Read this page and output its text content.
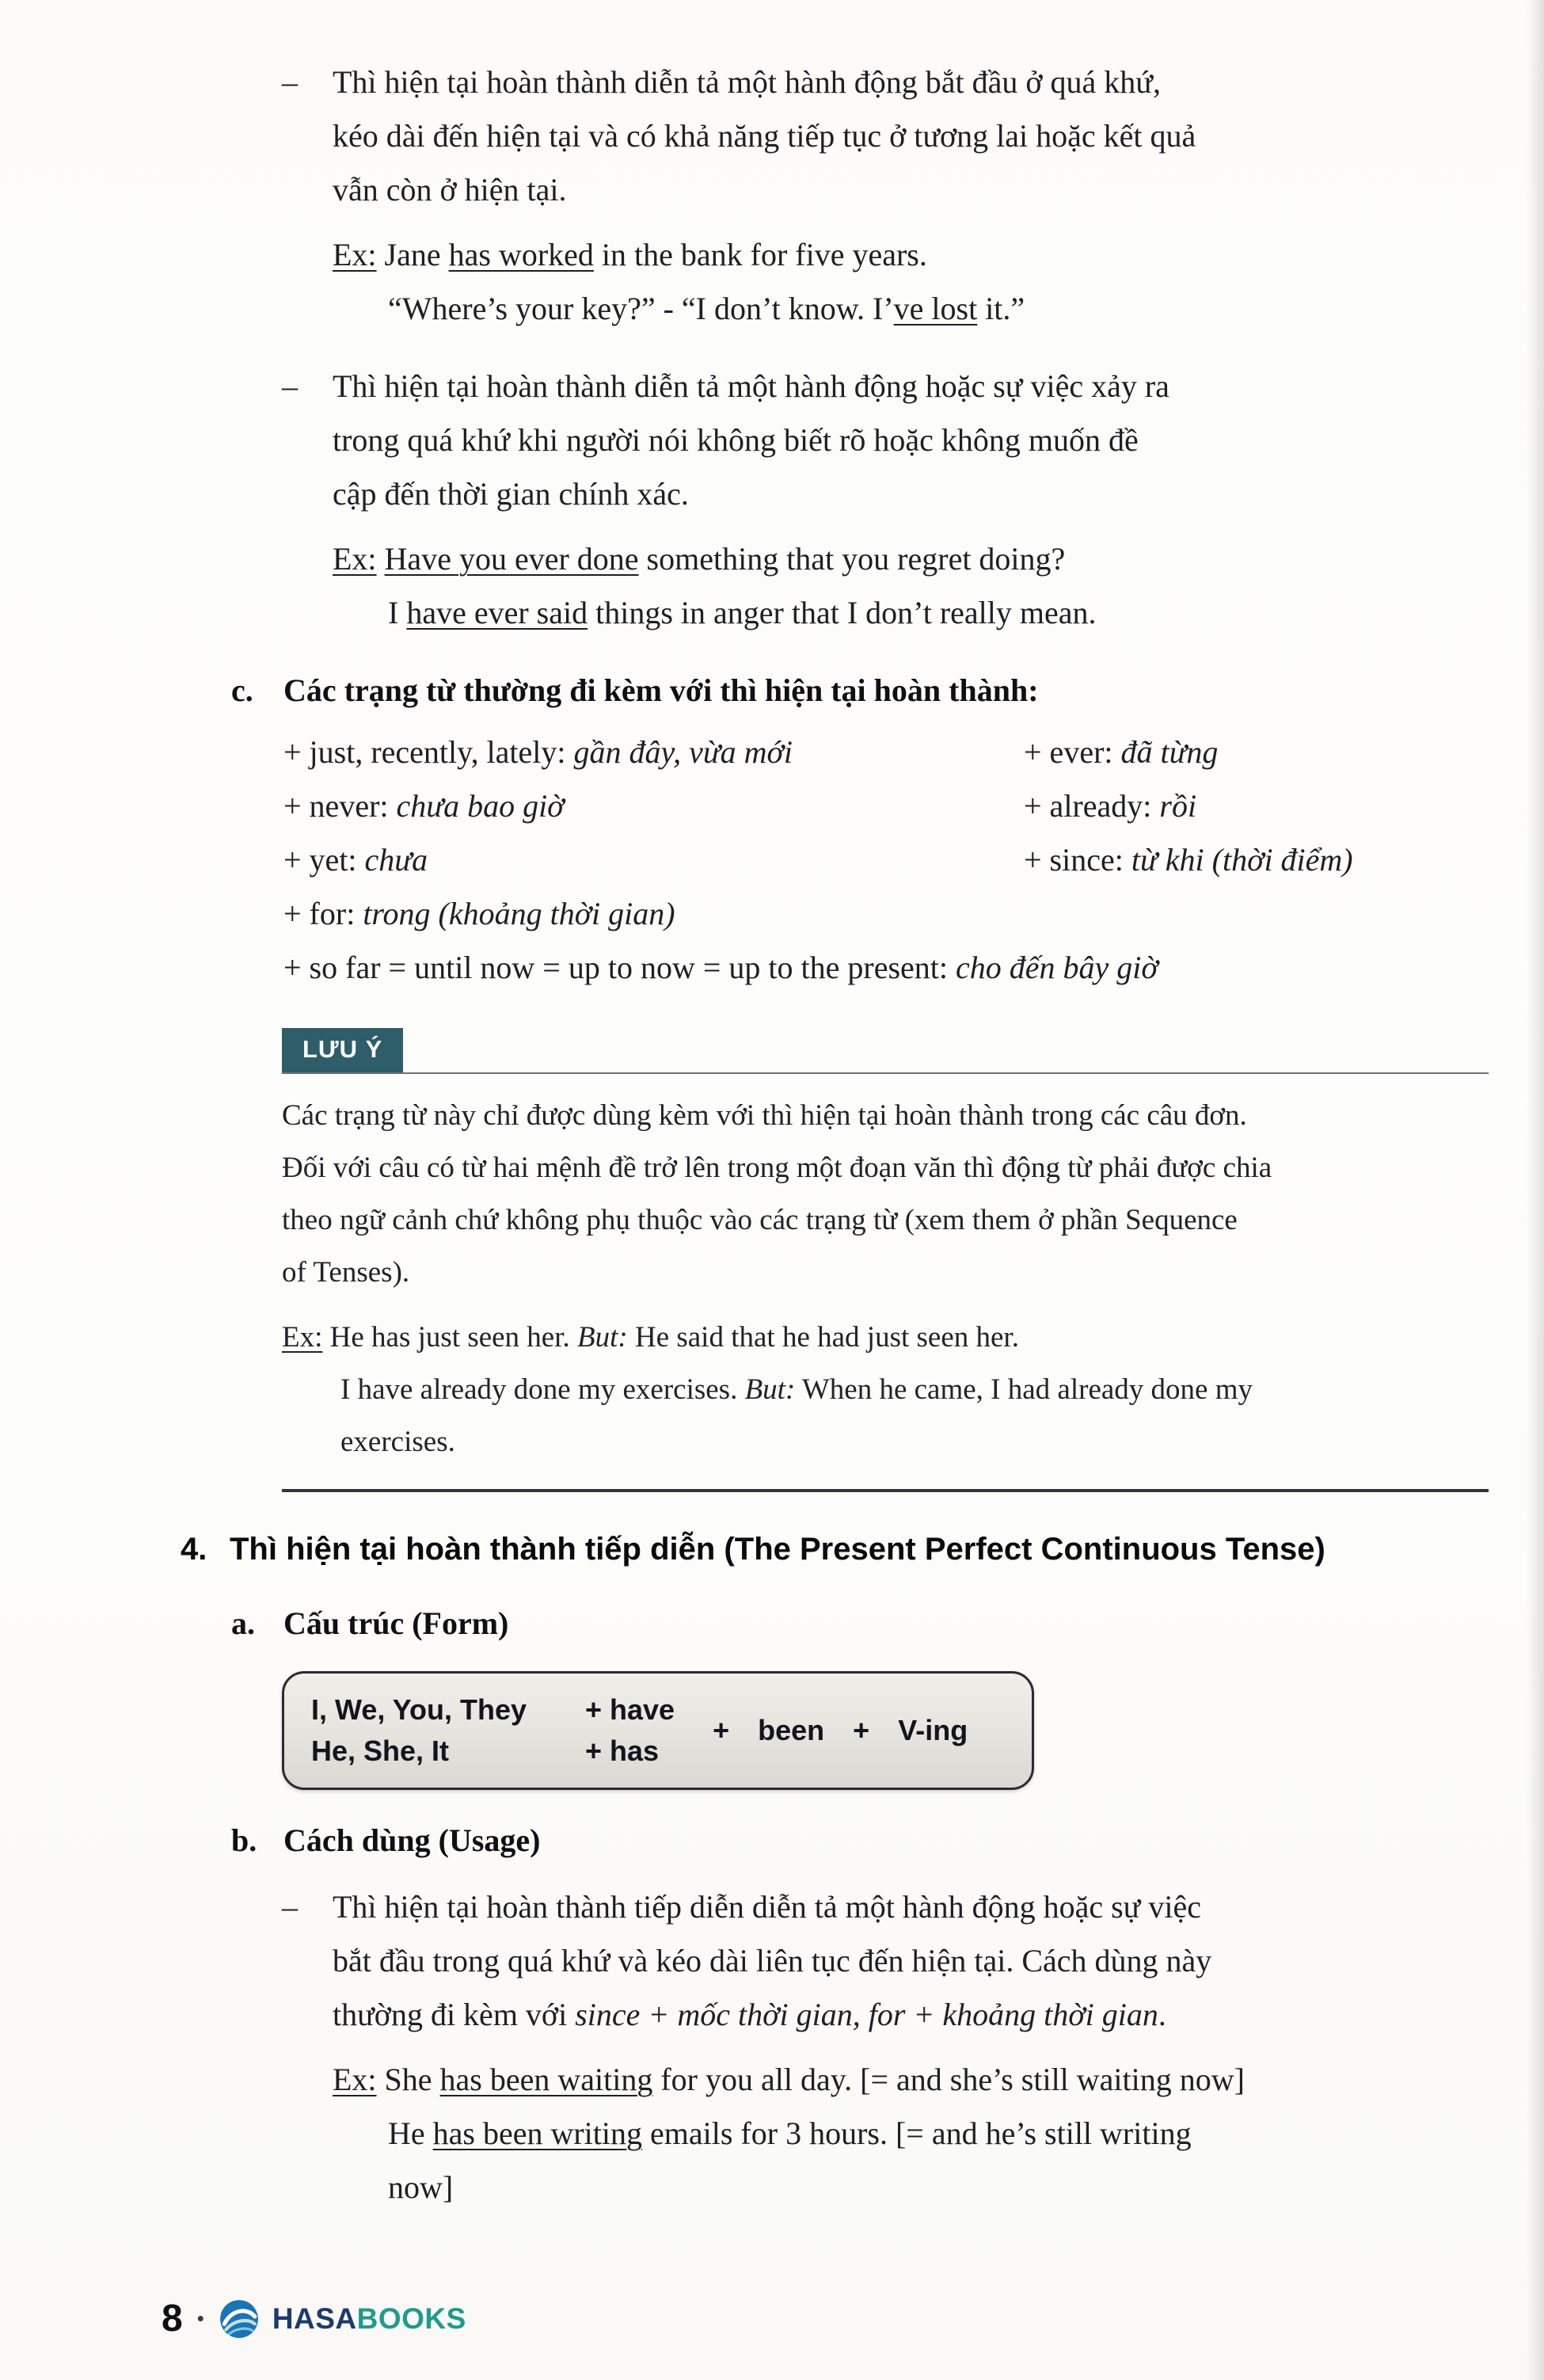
–	Thì hiện tại hoàn thành diễn tả một hành động bắt đầu ở quá khứ,
kéo dài đến hiện tại và có khả năng tiếp tục ở tương lai hoặc kết quả
vẫn còn ở hiện tại.
Ex: Jane has worked in the bank for five years.
“Where’s your key?” - “I don’t know. I’ve lost it.”
–	Thì hiện tại hoàn thành diễn tả một hành động hoặc sự việc xảy ra
trong quá khứ khi người nói không biết rõ hoặc không muốn đề
cập đến thời gian chính xác.
Ex: Have you ever done something that you regret doing?
I have ever said things in anger that I don’t really mean.
c. Các trạng từ thường đi kèm với thì hiện tại hoàn thành:
+ just, recently, lately: gần đây, vừa mới	+ ever: đã từng
+ never: chưa bao giờ	+ already: rồi
+ yet: chưa	+ since: từ khi (thời điểm)
+ for: trong (khoảng thời gian)
+ so far = until now = up to now = up to the present: cho đến bây giờ
LƯU Ý
Các trạng từ này chỉ được dùng kèm với thì hiện tại hoàn thành trong các câu đơn.
Đối với câu có từ hai mệnh đề trở lên trong một đoạn văn thì động từ phải được chia
theo ngữ cảnh chứ không phụ thuộc vào các trạng từ (xem them ở phần Sequence
of Tenses).
Ex: He has just seen her. But: He said that he had just seen her.
I have already done my exercises. But: When he came, I had already done my
exercises.
4. Thì hiện tại hoàn thành tiếp diễn (The Present Perfect Continuous Tense)
a. Cấu trúc (Form)
I, We, You, They	+ have
He, She, It	+ has
+ been + V-ing
b. Cách dùng (Usage)
–	Thì hiện tại hoàn thành tiếp diễn diễn tả một hành động hoặc sự việc
bắt đầu trong quá khứ và kéo dài liên tục đến hiện tại. Cách dùng này
thường đi kèm với since + mốc thời gian, for + khoảng thời gian.
Ex: She has been waiting for you all day. [= and she’s still waiting now]
He has been writing emails for 3 hours. [= and he’s still writing
now]
8 • HASABOOKS
